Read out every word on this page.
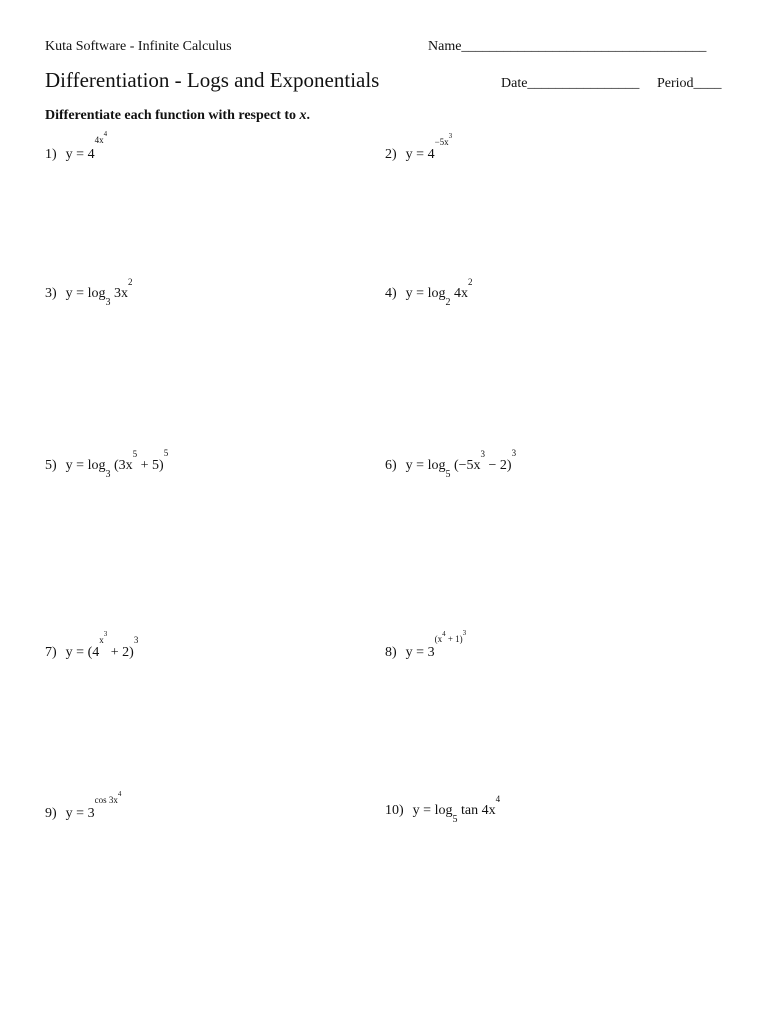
Kuta Software - Infinite Calculus	Name___________________________________
Differentiation - Logs and Exponentials	Date________________ Period____
Differentiate each function with respect to x.
1) $y = 4^{4x^4}$
2) $y = 4^{-5x^3}$
3) $y = \log_3 3x^2$
4) $y = \log_2 4x^2$
5) $y = \log_3 (3x^5 + 5)^5$
6) $y = \log_5 (-5x^3 - 2)^3$
7) $y = (4^{x^3} + 2)^3$
8) $y = 3^{(x^4 + 1)^3}$
9) $y = 3^{cos 3x^4}$
10) $y = \log_5 \tan 4x^4$
